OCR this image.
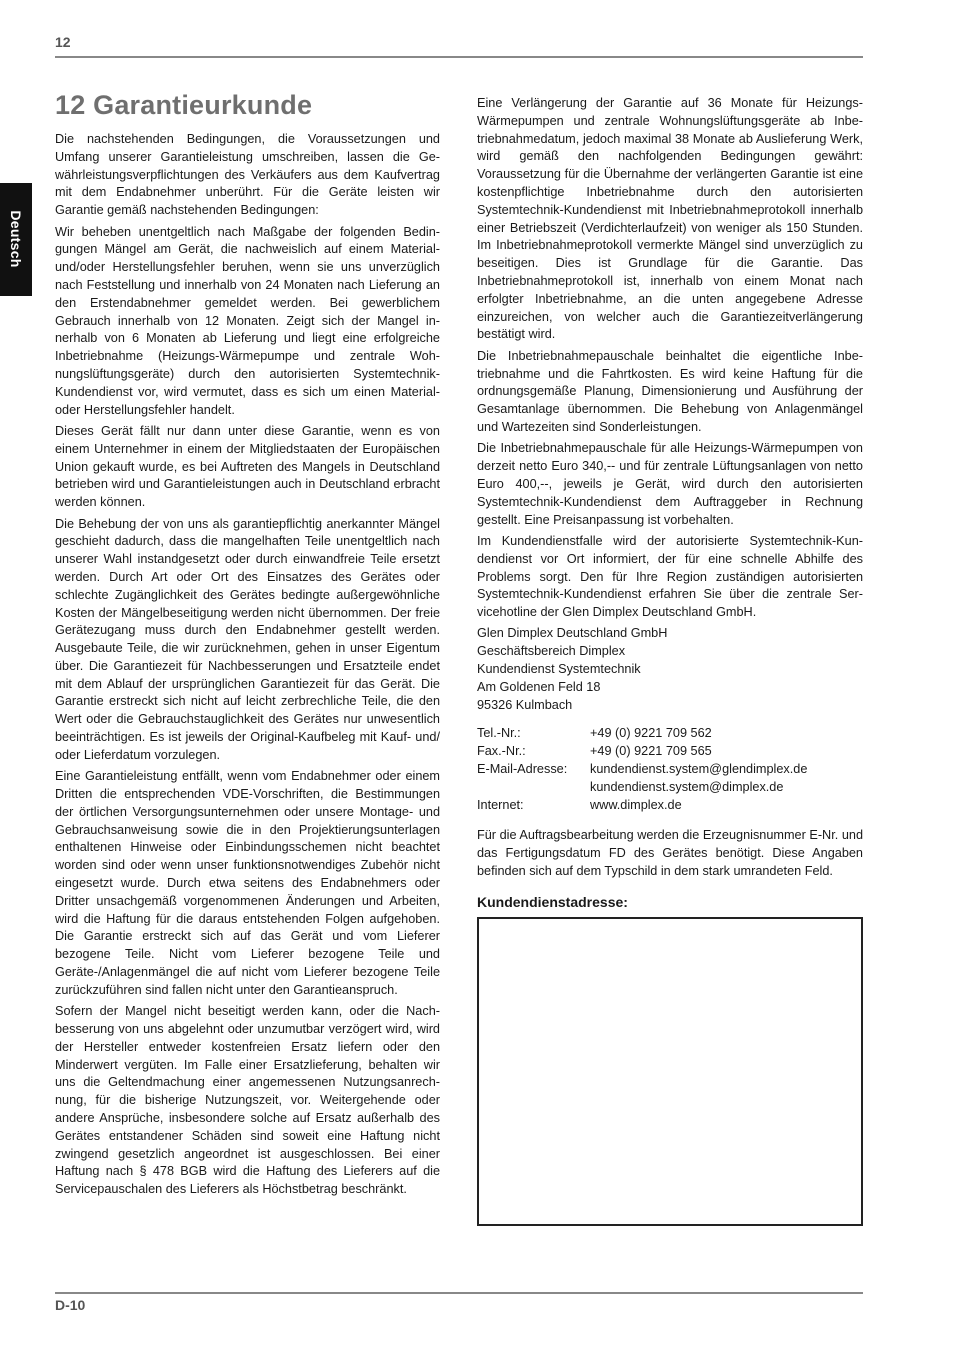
12
Deutsch
12 Garantieurkunde

Die nachstehenden Bedingungen, die Voraussetzungen und Umfang unserer Garantieleistung umschreiben, lassen die Gewährleistungsverpflichtungen des Verkäufers aus dem Kaufvertrag mit dem Endabnehmer unberührt. Für die Geräte leisten wir Garantie gemäß nachstehenden Bedingungen:

Wir beheben unentgeltlich nach Maßgabe der folgenden Bedingungen Mängel am Gerät, die nachweislich auf einem Material- und/oder Herstellungsfehler beruhen, wenn sie uns unverzüglich nach Feststellung und innerhalb von 24 Monaten nach Lieferung an den Erstendabnehmer gemeldet werden. Bei gewerblichem Gebrauch innerhalb von 12 Monaten. Zeigt sich der Mangel innerhalb von 6 Monaten ab Lieferung und liegt eine erfolgreiche Inbetriebnahme (Heizungs-Wärmepumpe und zentrale Wohnungslüftungsgeräte) durch den autorisierten Systemtechnik-Kundendienst vor, wird vermutet, dass es sich um einen Material- oder Herstellungsfehler handelt.

Dieses Gerät fällt nur dann unter diese Garantie, wenn es von einem Unternehmer in einem der Mitgliedstaaten der Europäischen Union gekauft wurde, es bei Auftreten des Mangels in Deutschland betrieben wird und Garantieleistungen auch in Deutschland erbracht werden können.

Die Behebung der von uns als garantiepflichtig anerkannter Mängel geschieht dadurch, dass die mangelhaften Teile unentgeltlich nach unserer Wahl instandgesetzt oder durch einwandfreie Teile ersetzt werden. Durch Art oder Ort des Einsatzes des Gerätes oder schlechte Zugänglichkeit des Gerätes bedingte außergewöhnliche Kosten der Mängelbeseitigung werden nicht übernommen. Der freie Gerätezugang muss durch den Endabnehmer gestellt werden. Ausgebaute Teile, die wir zurücknehmen, gehen in unser Eigentum über. Die Garantiezeit für Nachbesserungen und Ersatzteile endet mit dem Ablauf der ursprünglichen Garantiezeit für das Gerät. Die Garantie erstreckt sich nicht auf leicht zerbrechliche Teile, die den Wert oder die Gebrauchstauglichkeit des Gerätes nur unwesentlich beeinträchtigen. Es ist jeweils der Original-Kaufbeleg mit Kauf- und/ oder Lieferdatum vorzulegen.

Eine Garantieleistung entfällt, wenn vom Endabnehmer oder einem Dritten die entsprechenden VDE-Vorschriften, die Bestimmungen der örtlichen Versorgungsunternehmen oder unsere Montage- und Gebrauchsanweisung sowie die in den Projektierungsunterlagen enthaltenen Hinweise oder Einbindungsschemen nicht beachtet worden sind oder wenn unser funktionsnotwendiges Zubehör nicht eingesetzt wurde. Durch etwa seitens des Endabnehmers oder Dritter unsachgemäß vorgenommenen Änderungen und Arbeiten, wird die Haftung für die daraus entstehenden Folgen aufgehoben. Die Garantie erstreckt sich auf das Gerät und vom Lieferer bezogene Teile. Nicht vom Lieferer bezogene Teile und Geräte-/Anlagenmängel die auf nicht vom Lieferer bezogene Teile zurückzuführen sind fallen nicht unter den Garantieanspruch.

Sofern der Mangel nicht beseitigt werden kann, oder die Nachbesserung von uns abgelehnt oder unzumutbar verzögert wird, wird der Hersteller entweder kostenfreien Ersatz liefern oder den Minderwert vergüten. Im Falle einer Ersatzlieferung, behalten wir uns die Geltendmachung einer angemessenen Nutzungsanrechnung, für die bisherige Nutzungszeit, vor. Weitergehende oder andere Ansprüche, insbesondere solche auf Ersatz außerhalb des Gerätes entstandener Schäden sind soweit eine Haftung nicht zwingend gesetzlich angeordnet ist ausgeschlossen. Bei einer Haftung nach § 478 BGB wird die Haftung des Lieferers auf die Servicepauschalen des Lieferers als Höchstbetrag beschränkt.

Eine Verlängerung der Garantie auf 36 Monate für Heizungs-Wärmepumpen und zentrale Wohnungslüftungsgeräte ab Inbetriebnahmedatum, jedoch maximal 38 Monate ab Auslieferung Werk, wird gemäß den nachfolgenden Bedingungen gewährt: Voraussetzung für die Übernahme der verlängerten Garantie ist eine kostenpflichtige Inbetriebnahme durch den autorisierten Systemtechnik-Kundendienst mit Inbetriebnahmeprotokoll innerhalb einer Betriebszeit (Verdichterlaufzeit) von weniger als 150 Stunden. Im Inbetriebnahmeprotokoll vermerkte Mängel sind unverzüglich zu beseitigen. Dies ist Grundlage für die Garantie. Das Inbetriebnahmeprotokoll ist, innerhalb von einem Monat nach erfolgter Inbetriebnahme, an die unten angegebene Adresse einzureichen, von welcher auch die Garantiezeitverlängerung bestätigt wird.

Die Inbetriebnahmepauschale beinhaltet die eigentliche Inbetriebnahme und die Fahrtkosten. Es wird keine Haftung für die ordnungsgemäße Planung, Dimensionierung und Ausführung der Gesamtanlage übernommen. Die Behebung von Anlagenmängel und Wartezeiten sind Sonderleistungen.

Die Inbetriebnahmepauschale für alle Heizungs-Wärmepumpen von derzeit netto Euro 340,-- und für zentrale Lüftungsanlagen von netto Euro 400,--, jeweils je Gerät, wird durch den autorisierten Systemtechnik-Kundendienst dem Auftraggeber in Rechnung gestellt. Eine Preisanpassung ist vorbehalten.

Im Kundendienstfalle wird der autorisierte Systemtechnik-Kundendienst vor Ort informiert, der für eine schnelle Abhilfe des Problems sorgt. Den für Ihre Region zuständigen autorisierten Systemtechnik-Kundendienst erfahren Sie über die zentrale Servicehotline der Glen Dimplex Deutschland GmbH.

Glen Dimplex Deutschland GmbH

Geschäftsbereich Dimplex

Kundendienst Systemtechnik

Am Goldenen Feld 18

95326 Kulmbach

Tel.-Nr.:	+49 (0) 9221 709 562
Fax.-Nr.:	+49 (0) 9221 709 565
E-Mail-Adresse:	kundendienst.system@glendimplex.de
kundendienst.system@dimplex.de
Internet:	www.dimplex.de

Für die Auftragsbearbeitung werden die Erzeugnisnummer E-Nr. und das Fertigungsdatum FD des Gerätes benötigt. Diese Angaben befinden sich auf dem Typschild in dem stark umrandeten Feld.

Kundendienstadresse:
D-10
